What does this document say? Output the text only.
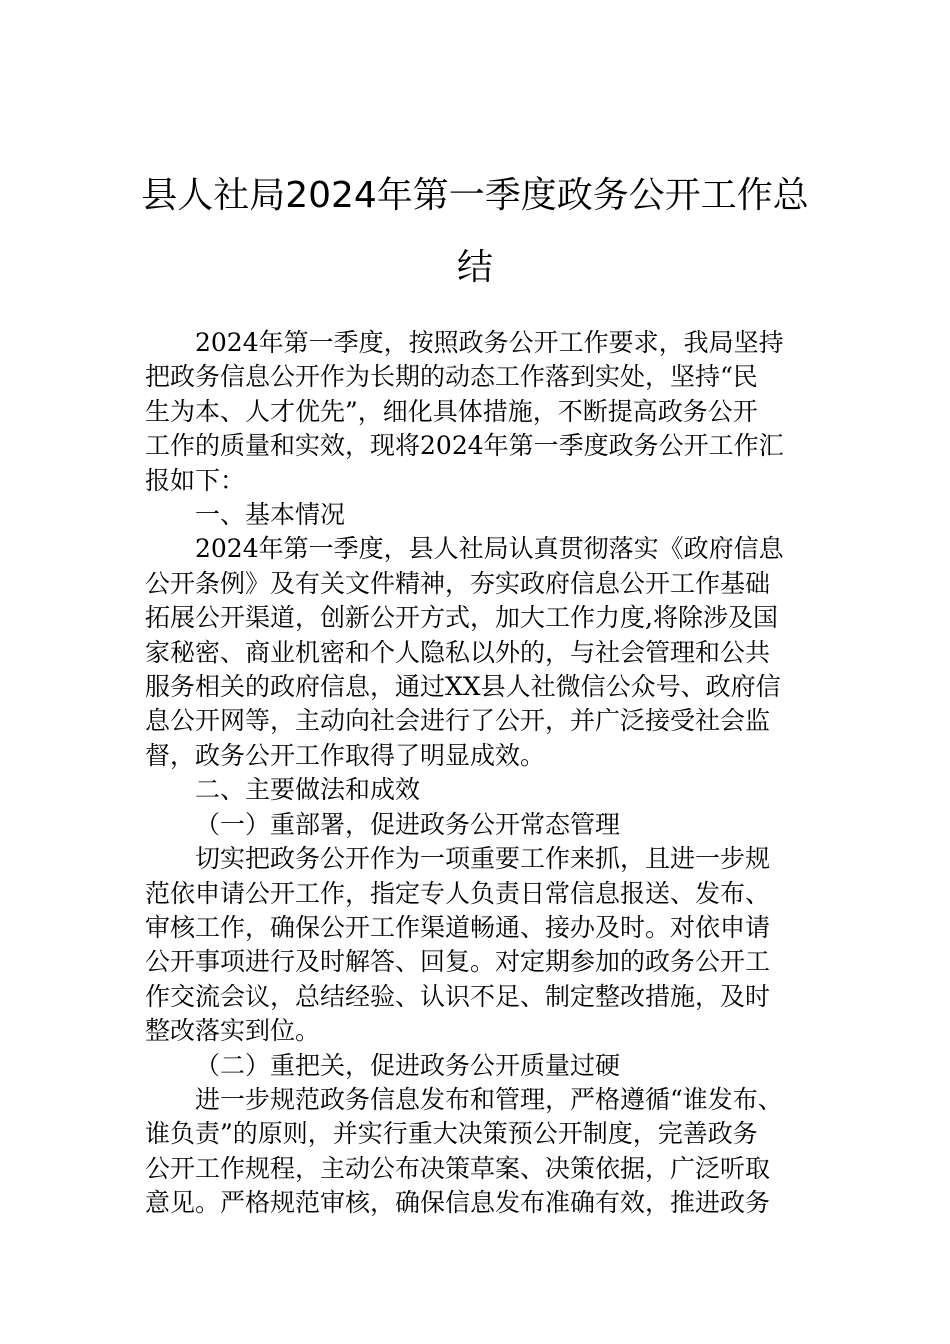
县人社局2024年第一季度政务公开工作总
结

2024年第一季度，按照政务公开工作要求，我局坚持
把政务信息公开作为长期的动态工作落到实处，坚持“民
生为本、人才优先”，细化具体措施，不断提高政务公开
工作的质量和实效，现将2024年第一季度政务公开工作汇
报如下：

一、基本情况

2024年第一季度，县人社局认真贯彻落实《政府信息
公开条例》及有关文件精神，夯实政府信息公开工作基础
拓展公开渠道，创新公开方式，加大工作力度,将除涉及国
家秘密、商业机密和个人隐私以外的，与社会管理和公共
服务相关的政府信息，通过XX县人社微信公众号、政府信
息公开网等，主动向社会进行了公开，并广泛接受社会监
督，政务公开工作取得了明显成效。

二、主要做法和成效

（一）重部署，促进政务公开常态管理

切实把政务公开作为一项重要工作来抓，且进一步规
范依申请公开工作，指定专人负责日常信息报送、发布、
审核工作，确保公开工作渠道畅通、接办及时。对依申请
公开事项进行及时解答、回复。对定期参加的政务公开工
作交流会议，总结经验、认识不足、制定整改措施，及时
整改落实到位。

（二）重把关，促进政务公开质量过硬

进一步规范政务信息发布和管理，严格遵循“谁发布、
谁负责”的原则，并实行重大决策预公开制度，完善政务
公开工作规程，主动公布决策草案、决策依据，广泛听取
意见。严格规范审核，确保信息发布准确有效，推进政务
